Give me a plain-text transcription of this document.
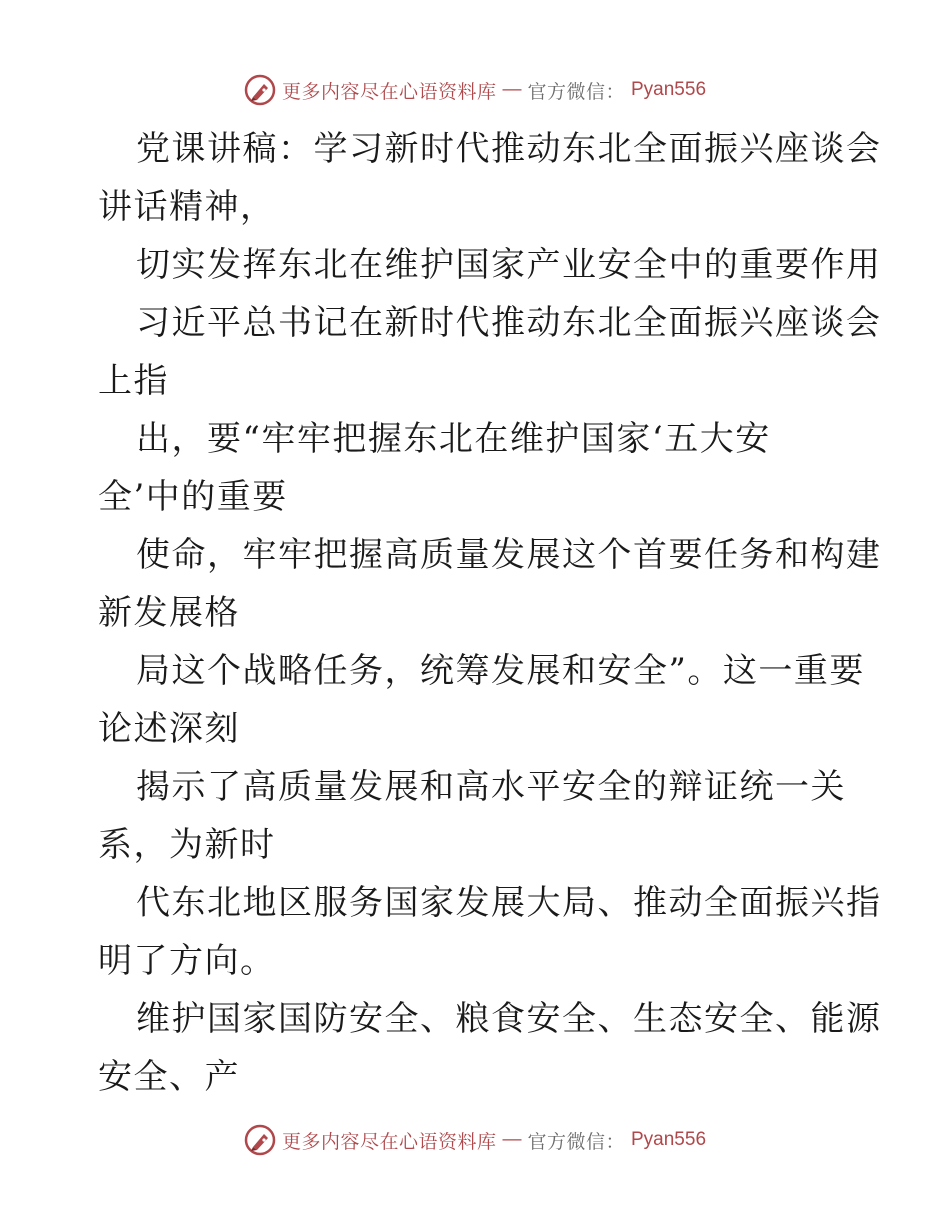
更多内容尽在心语资料库 — 官方微信： Pyan556
党课讲稿：学习新时代推动东北全面振兴座谈会
讲话精神，
切实发挥东北在维护国家产业安全中的重要作用
习近平总书记在新时代推动东北全面振兴座谈会
上指
出，要“牢牢把握东北在维护国家‘五大安
全’中的重要
使命，牢牢把握高质量发展这个首要任务和构建
新发展格
局这个战略任务，统筹发展和安全”。这一重要
论述深刻
揭示了高质量发展和高水平安全的辩证统一关
系，为新时
代东北地区服务国家发展大局、推动全面振兴指
明了方向。
维护国家国防安全、粮食安全、生态安全、能源
安全、产
更多内容尽在心语资料库 — 官方微信： Pyan556
